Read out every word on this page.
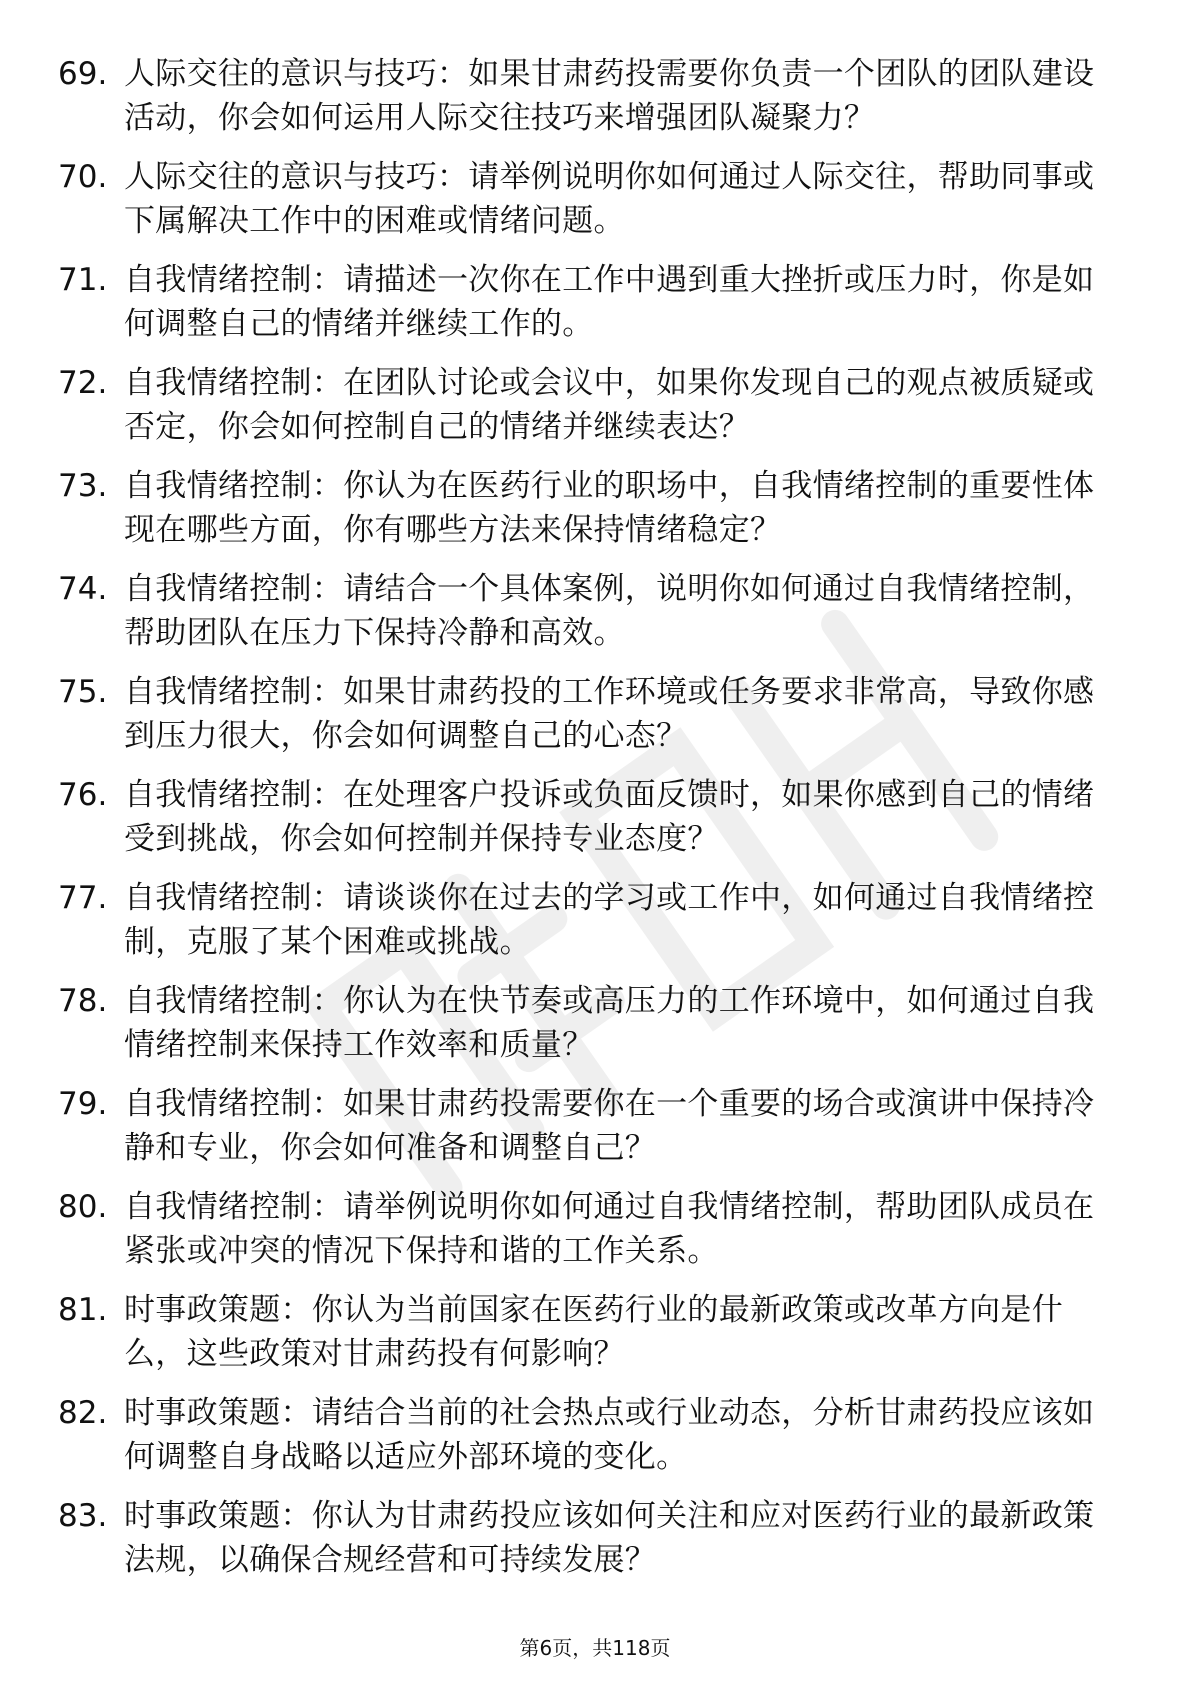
69. 人际交往的意识与技巧：如果甘肃药投需要你负责一个团队的团队建设活动，你会如何运用人际交往技巧来增强团队凝聚力？
70. 人际交往的意识与技巧：请举例说明你如何通过人际交往，帮助同事或下属解决工作中的困难或情绪问题。
71. 自我情绪控制：请描述一次你在工作中遇到重大挫折或压力时，你是如何调整自己的情绪并继续工作的。
72. 自我情绪控制：在团队讨论或会议中，如果你发现自己的观点被质疑或否定，你会如何控制自己的情绪并继续表达？
73. 自我情绪控制：你认为在医药行业的职场中，自我情绪控制的重要性体现在哪些方面，你有哪些方法来保持情绪稳定？
74. 自我情绪控制：请结合一个具体案例，说明你如何通过自我情绪控制，帮助团队在压力下保持冷静和高效。
75. 自我情绪控制：如果甘肃药投的工作环境或任务要求非常高，导致你感到压力很大，你会如何调整自己的心态？
76. 自我情绪控制：在处理客户投诉或负面反馈时，如果你感到自己的情绪受到挑战，你会如何控制并保持专业态度？
77. 自我情绪控制：请谈谈你在过去的学习或工作中，如何通过自我情绪控制，克服了某个困难或挑战。
78. 自我情绪控制：你认为在快节奏或高压力的工作环境中，如何通过自我情绪控制来保持工作效率和质量？
79. 自我情绪控制：如果甘肃药投需要你在一个重要的场合或演讲中保持冷静和专业，你会如何准备和调整自己？
80. 自我情绪控制：请举例说明你如何通过自我情绪控制，帮助团队成员在紧张或冲突的情况下保持和谐的工作关系。
81. 时事政策题：你认为当前国家在医药行业的最新政策或改革方向是什么，这些政策对甘肃药投有何影响？
82. 时事政策题：请结合当前的社会热点或行业动态，分析甘肃药投应该如何调整自身战略以适应外部环境的变化。
83. 时事政策题：你认为甘肃药投应该如何关注和应对医药行业的最新政策法规，以确保合规经营和可持续发展？
第6页，共118页
